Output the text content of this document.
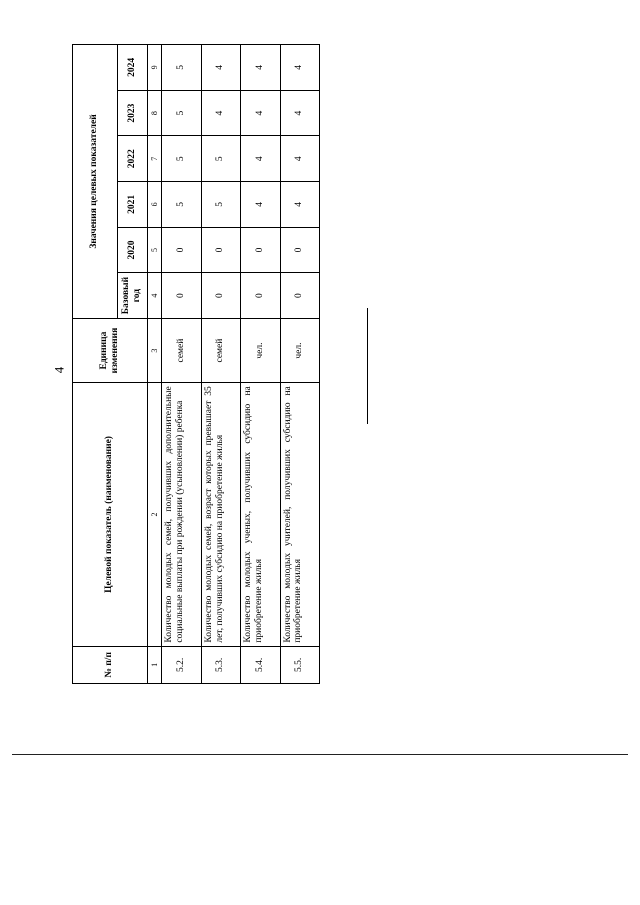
4
№ п/п	Целевой показатель (наименование)	Единица изменения	Значения целевых показателей					
			Базовый год	2020	2021	2022	2023	2024
1	2	3	4	5	6	7	8	9
5.2.	Количество молодых семей, получивших дополнительные социальные выплаты при рождении (усыновлении) ребенка	семей	0	0	5	5	5	5
5.3.	Количество молодых семей, возраст которых превышает 35 лет, получивших субсидию на приобретение жилья	семей	0	0	5	5	4	4
5.4.	Количество молодых ученых, получивших субсидию на приобретение жилья	чел.	0	0	4	4	4	4
5.5.	Количество молодых учителей, получивших субсидию на приобретение жилья	чел.	0	0	4	4	4	4
